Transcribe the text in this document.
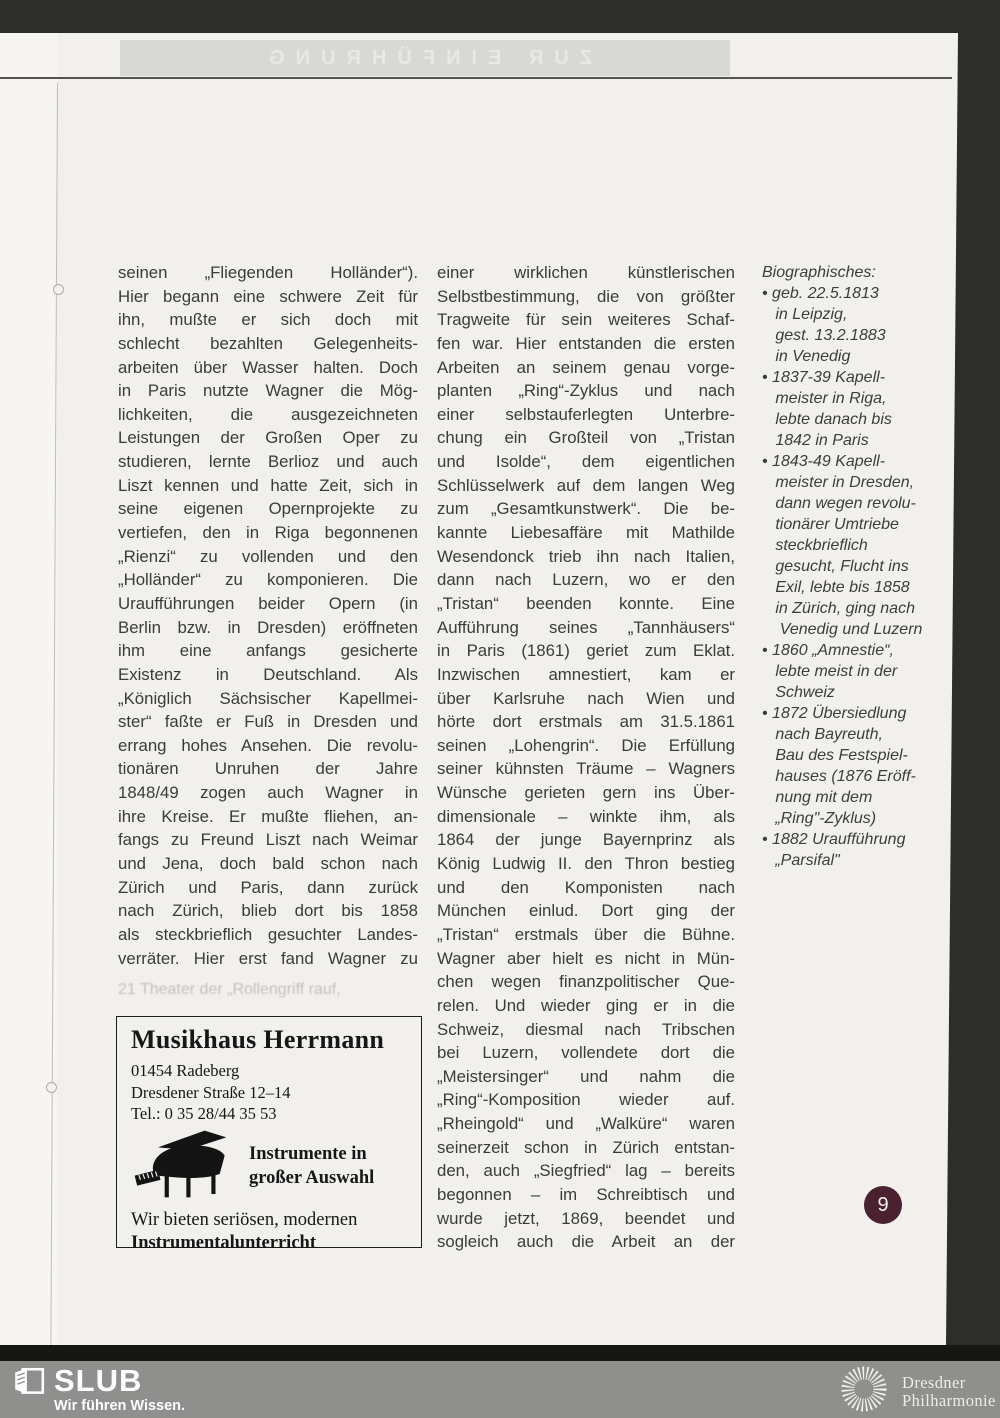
ZUR EINFÜHRUNG
seinen „Fliegenden Holländer“).
Hier begann eine schwere Zeit für
ihn, mußte er sich doch mit
schlecht bezahlten Gelegenheits-
arbeiten über Wasser halten. Doch
in Paris nutzte Wagner die Mög-
lichkeiten, die ausgezeichneten
Leistungen der Großen Oper zu
studieren, lernte Berlioz und auch
Liszt kennen und hatte Zeit, sich in
seine eigenen Opernprojekte zu
vertiefen, den in Riga begonnenen
„Rienzi“ zu vollenden und den
„Holländer“ zu komponieren. Die
Uraufführungen beider Opern (in
Berlin bzw. in Dresden) eröffneten
ihm eine anfangs gesicherte
Existenz in Deutschland. Als
„Königlich Sächsischer Kapellmei-
ster“ faßte er Fuß in Dresden und
errang hohes Ansehen. Die revolu-
tionären Unruhen der Jahre
1848/49 zogen auch Wagner in
ihre Kreise. Er mußte fliehen, an-
fangs zu Freund Liszt nach Weimar
und Jena, doch bald schon nach
Zürich und Paris, dann zurück
nach Zürich, blieb dort bis 1858
als steckbrieflich gesuchter Landes-
verräter. Hier erst fand Wagner zu
einer wirklichen künstlerischen
Selbstbestimmung, die von größter
Tragweite für sein weiteres Schaf-
fen war. Hier entstanden die ersten
Arbeiten an seinem genau vorge-
planten „Ring“-Zyklus und nach
einer selbstauferlegten Unterbre-
chung ein Großteil von „Tristan
und Isolde“, dem eigentlichen
Schlüsselwerk auf dem langen Weg
zum „Gesamtkunstwerk“. Die be-
kannte Liebesaffäre mit Mathilde
Wesendonck trieb ihn nach Italien,
dann nach Luzern, wo er den
„Tristan“ beenden konnte. Eine
Aufführung seines „Tannhäusers“
in Paris (1861) geriet zum Eklat.
Inzwischen amnestiert, kam er
über Karlsruhe nach Wien und
hörte dort erstmals am 31.5.1861
seinen „Lohengrin“. Die Erfüllung
seiner kühnsten Träume – Wagners
Wünsche gerieten gern ins Über-
dimensionale – winkte ihm, als
1864 der junge Bayernprinz als
König Ludwig II. den Thron bestieg
und den Komponisten nach
München einlud. Dort ging der
„Tristan“ erstmals über die Bühne.
Wagner aber hielt es nicht in Mün-
chen wegen finanzpolitischer Que-
relen. Und wieder ging er in die
Schweiz, diesmal nach Tribschen
bei Luzern, vollendete dort die
„Meistersinger“ und nahm die
„Ring“-Komposition wieder auf.
„Rheingold“ und „Walküre“ waren
seinerzeit schon in Zürich entstan-
den, auch „Siegfried“ lag – bereits
begonnen – im Schreibtisch und
wurde jetzt, 1869, beendet und
sogleich auch die Arbeit an der
Biographisches:
• geb. 22.5.1813
in Leipzig,
gest. 13.2.1883
in Venedig
• 1837-39 Kapell-
meister in Riga,
lebte danach bis
1842 in Paris
• 1843-49 Kapell-
meister in Dresden,
dann wegen revolu-
tionärer Umtriebe
steckbrieflich
gesucht, Flucht ins
Exil, lebte bis 1858
in Zürich, ging nach
Venedig und Luzern
• 1860 „Amnestie“,
lebte meist in der
Schweiz
• 1872 Übersiedlung
nach Bayreuth,
Bau des Festspiel-
hauses (1876 Eröff-
nung mit dem
„Ring"-Zyklus)
• 1882 Uraufführung
„Parsifal"
21 Theater der „Rollengriff rauf,
Musikhaus Herrmann
01454 Radeberg
Dresdener Straße 12–14
Tel.: 0 35 28/44 35 53
Instrumente in
großer Auswahl
Wir bieten seriösen, modernen
Instrumentalunterricht
9
SLUB
Wir führen Wissen.
Dresdner
Philharmonie
